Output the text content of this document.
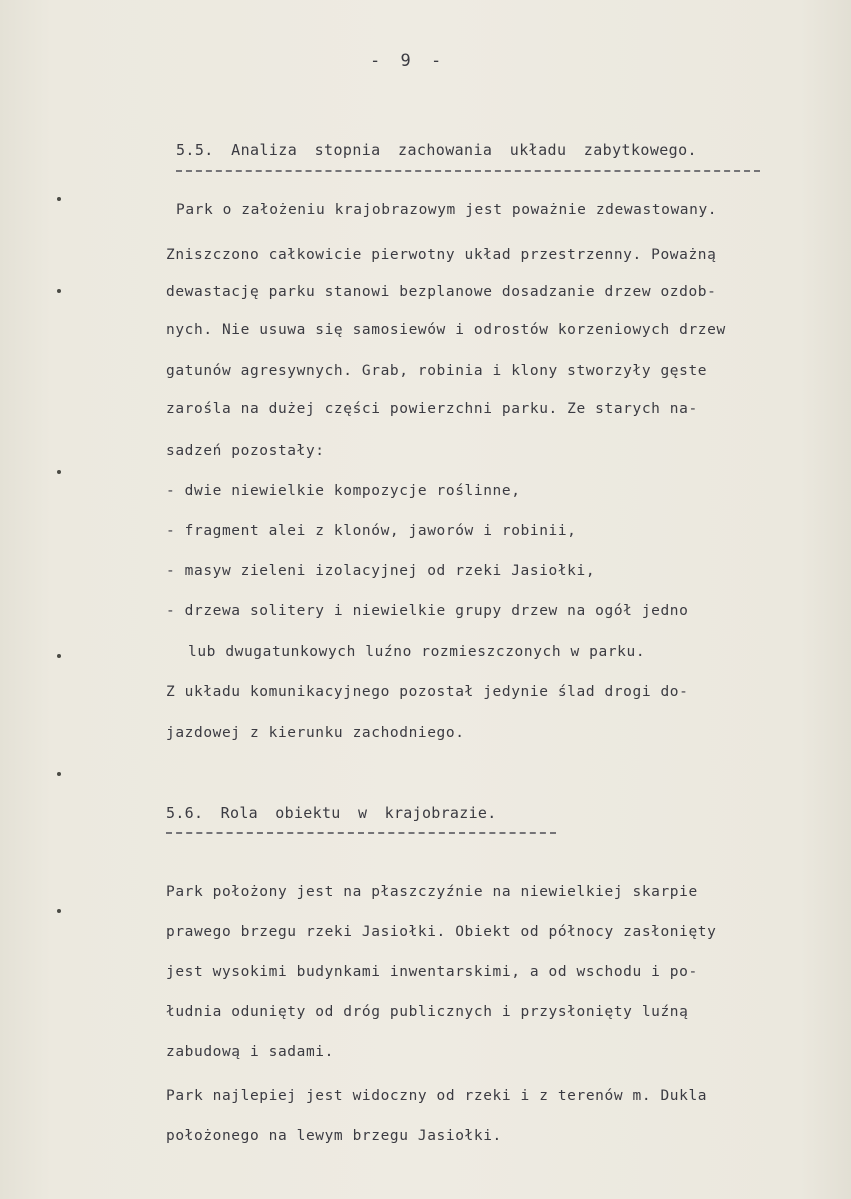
- 9 -
5.5. Analiza stopnia zachowania układu zabytkowego.
Park o założeniu krajobrazowym jest poważnie zdewastowany.
Zniszczono całkowicie pierwotny układ przestrzenny. Poważną
dewastację parku stanowi bezplanowe dosadzanie drzew ozdob-
nych. Nie usuwa się samosiewów i odrostów korzeniowych drzew
gatunów agresywnych. Grab, robinia i klony stworzyły gęste
zarośla na dużej części powierzchni parku. Ze starych na-
sadzeń pozostały:
- dwie niewielkie kompozycje roślinne,
- fragment alei z klonów, jaworów i robinii,
- masyw zieleni izolacyjnej od rzeki Jasiołki,
- drzewa solitery i niewielkie grupy drzew na ogół jedno
lub dwugatunkowych luźno rozmieszczonych w parku.
Z układu komunikacyjnego pozostał jedynie ślad drogi do-
jazdowej z kierunku zachodniego.
5.6. Rola obiektu w krajobrazie.
Park położony jest na płaszczyźnie na niewielkiej skarpie
prawego brzegu rzeki Jasiołki. Obiekt od północy zasłonięty
jest wysokimi budynkami inwentarskimi, a od wschodu i po-
łudnia odunięty od dróg publicznych i przysłonięty luźną
zabudową i sadami.
Park najlepiej jest widoczny od rzeki i z terenów m. Dukla
położonego na lewym brzegu Jasiołki.
